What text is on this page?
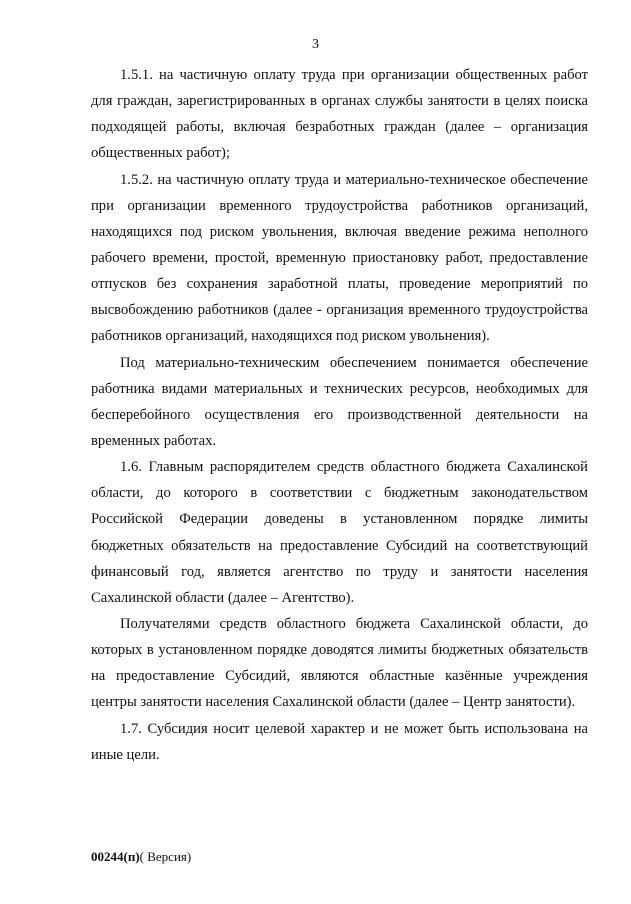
3

1.5.1. на частичную оплату труда при организации общественных работ для граждан, зарегистрированных в органах службы занятости в целях поиска подходящей работы, включая безработных граждан (далее – организация общественных работ);

1.5.2. на частичную оплату труда и материально-техническое обеспечение при организации временного трудоустройства работников организаций, находящихся под риском увольнения, включая введение режима неполного рабочего времени, простой, временную приостановку работ, предоставление отпусков без сохранения заработной платы, проведение мероприятий по высвобождению работников (далее - организация временного трудоустройства работников организаций, находящихся под риском увольнения).

Под материально-техническим обеспечением понимается обеспечение работника видами материальных и технических ресурсов, необходимых для бесперебойного осуществления его производственной деятельности на временных работах.

1.6. Главным распорядителем средств областного бюджета Сахалинской области, до которого в соответствии с бюджетным законодательством Российской Федерации доведены в установленном порядке лимиты бюджетных обязательств на предоставление Субсидий на соответствующий финансовый год, является агентство по труду и занятости населения Сахалинской области (далее – Агентство).

Получателями средств областного бюджета Сахалинской области, до которых в установленном порядке доводятся лимиты бюджетных обязательств на предоставление Субсидий, являются областные казённые учреждения центры занятости населения Сахалинской области (далее – Центр занятости).

1.7. Субсидия носит целевой характер и не может быть использована на иные цели.

00244(п)( Версия)
